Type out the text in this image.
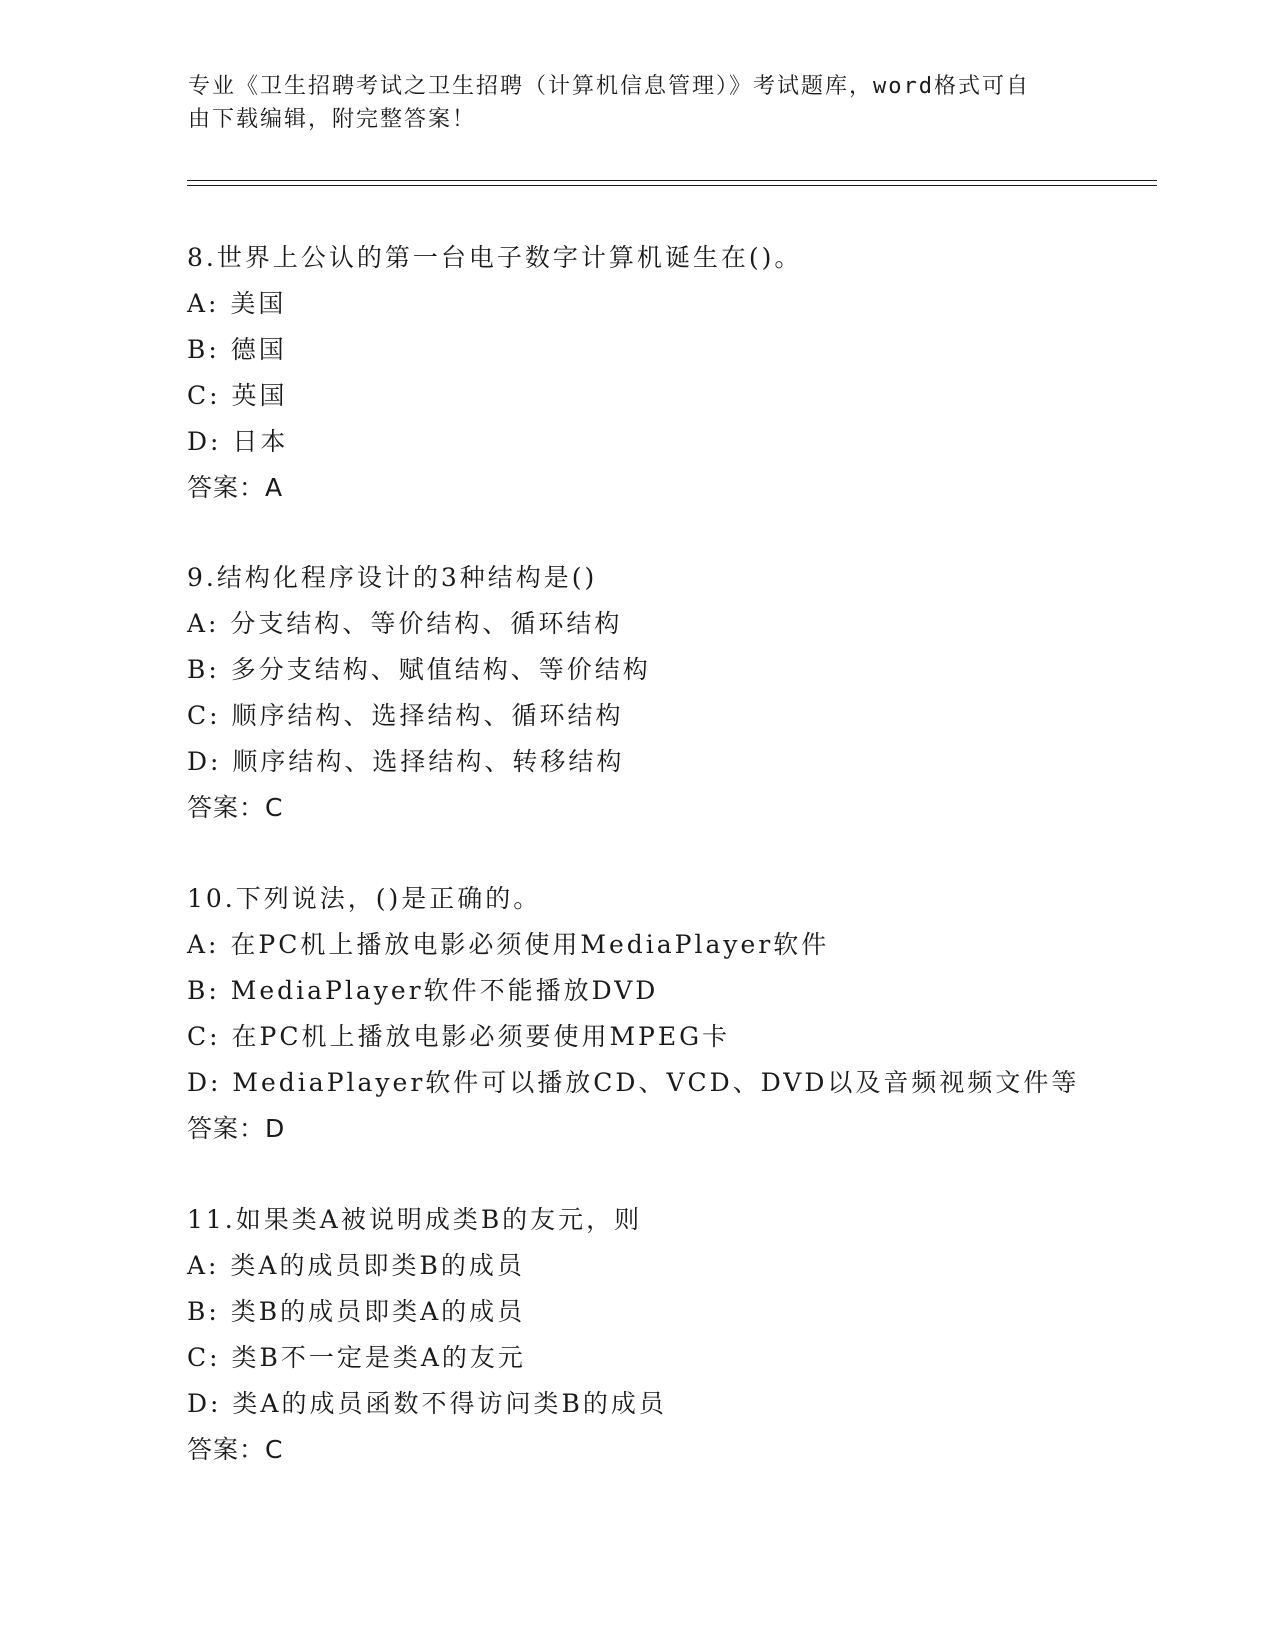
专业《卫生招聘考试之卫生招聘（计算机信息管理）》考试题库，word格式可自
由下载编辑，附完整答案！
8.世界上公认的第一台电子数字计算机诞生在()。
A: 美国
B: 德国
C: 英国
D: 日本
答案：A
9.结构化程序设计的3种结构是()
A: 分支结构、等价结构、循环结构
B: 多分支结构、赋值结构、等价结构
C: 顺序结构、选择结构、循环结构
D: 顺序结构、选择结构、转移结构
答案：C
10.下列说法，()是正确的。
A: 在PC机上播放电影必须使用MediaPlayer软件
B: MediaPlayer软件不能播放DVD
C: 在PC机上播放电影必须要使用MPEG卡
D: MediaPlayer软件可以播放CD、VCD、DVD以及音频视频文件等
答案：D
11.如果类A被说明成类B的友元，则
A: 类A的成员即类B的成员
B: 类B的成员即类A的成员
C: 类B不一定是类A的友元
D: 类A的成员函数不得访问类B的成员
答案：C
